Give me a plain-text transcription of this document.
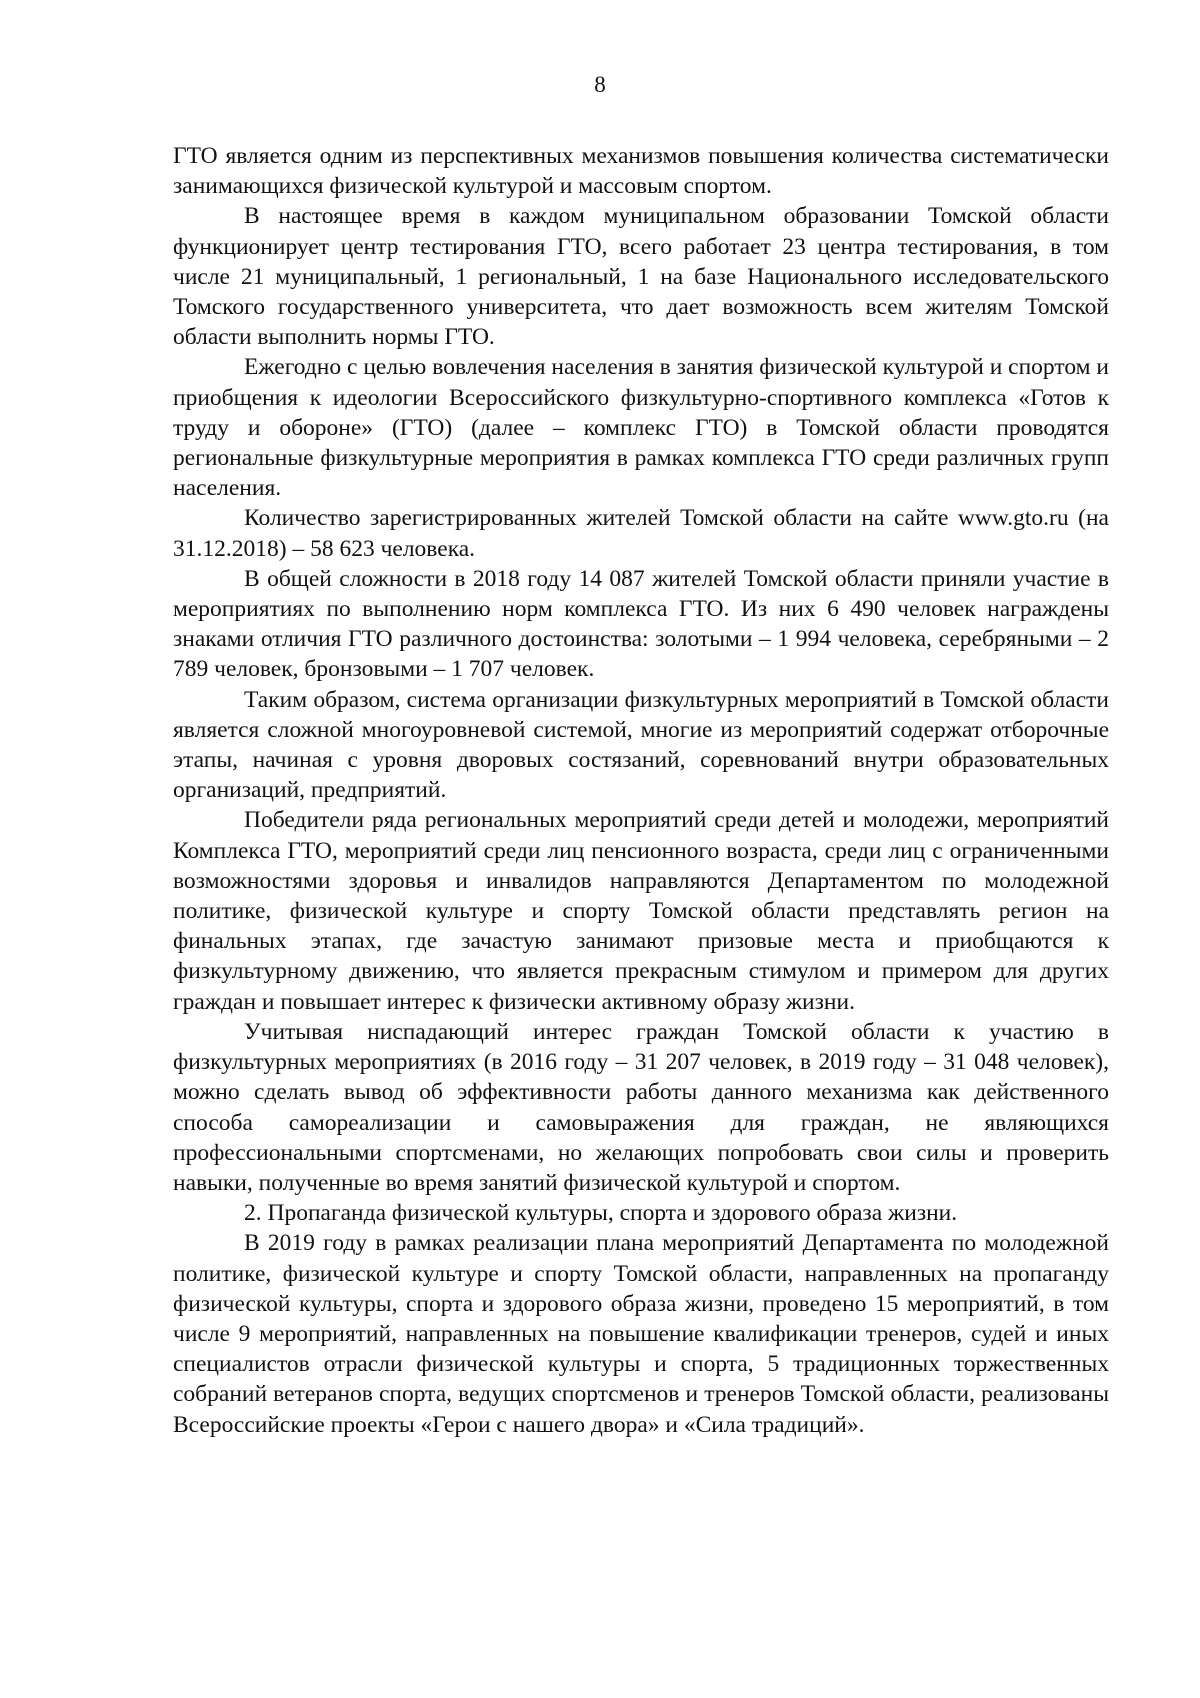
8

ГТО является одним из перспективных механизмов повышения количества систематически занимающихся физической культурой и массовым спортом.

В настоящее время в каждом муниципальном образовании Томской области функционирует центр тестирования ГТО, всего работает 23 центра тестирования, в том числе 21 муниципальный, 1 региональный, 1 на базе Национального исследовательского Томского государственного университета, что дает возможность всем жителям Томской области выполнить нормы ГТО.

Ежегодно с целью вовлечения населения в занятия физической культурой и спортом и приобщения к идеологии Всероссийского физкультурно-спортивного комплекса «Готов к труду и обороне» (ГТО) (далее – комплекс ГТО) в Томской области проводятся региональные физкультурные мероприятия в рамках комплекса ГТО среди различных групп населения.

Количество зарегистрированных жителей Томской области на сайте www.gto.ru (на 31.12.2018) – 58 623 человека.

В общей сложности в 2018 году 14 087 жителей Томской области приняли участие в мероприятиях по выполнению норм комплекса ГТО. Из них 6 490 человек награждены знаками отличия ГТО различного достоинства: золотыми – 1 994 человека, серебряными – 2 789 человек, бронзовыми – 1 707 человек.

Таким образом, система организации физкультурных мероприятий в Томской области является сложной многоуровневой системой, многие из мероприятий содержат отборочные этапы, начиная с уровня дворовых состязаний, соревнований внутри образовательных организаций, предприятий.

Победители ряда региональных мероприятий среди детей и молодежи, мероприятий Комплекса ГТО, мероприятий среди лиц пенсионного возраста, среди лиц с ограниченными возможностями здоровья и инвалидов направляются Департаментом по молодежной политике, физической культуре и спорту Томской области представлять регион на финальных этапах, где зачастую занимают призовые места и приобщаются к физкультурному движению, что является прекрасным стимулом и примером для других граждан и повышает интерес к физически активному образу жизни.

Учитывая ниспадающий интерес граждан Томской области к участию в физкультурных мероприятиях (в 2016 году – 31 207 человек, в 2019 году – 31 048 человек), можно сделать вывод об эффективности работы данного механизма как действенного способа самореализации и самовыражения для граждан, не являющихся профессиональными спортсменами, но желающих попробовать свои силы и проверить навыки, полученные во время занятий физической культурой и спортом.

2. Пропаганда физической культуры, спорта и здорового образа жизни.

В 2019 году в рамках реализации плана мероприятий Департамента по молодежной политике, физической культуре и спорту Томской области, направленных на пропаганду физической культуры, спорта и здорового образа жизни, проведено 15 мероприятий, в том числе 9 мероприятий, направленных на повышение квалификации тренеров, судей и иных специалистов отрасли физической культуры и спорта, 5 традиционных торжественных собраний ветеранов спорта, ведущих спортсменов и тренеров Томской области, реализованы Всероссийские проекты «Герои с нашего двора» и «Сила традиций».
